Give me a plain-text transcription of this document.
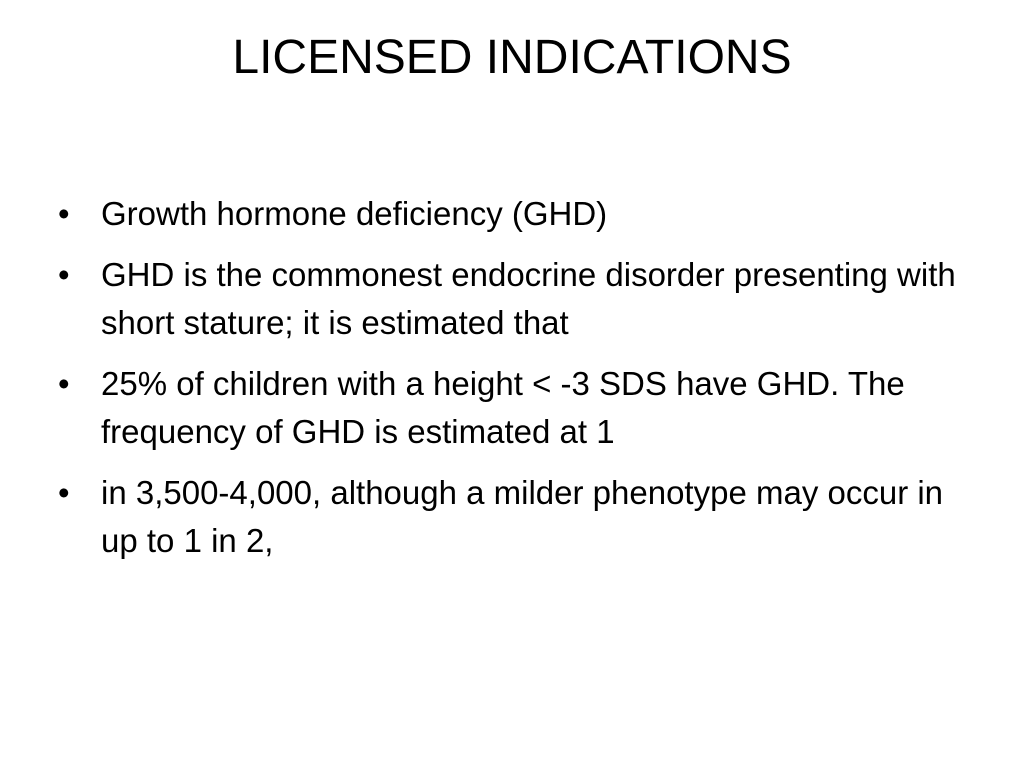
LICENSED INDICATIONS
• Growth hormone deficiency (GHD)
• GHD is the commonest endocrine disorder presenting with short stature; it is estimated that
• 25% of children with a height < -3 SDS have GHD. The frequency of GHD is estimated at 1
• in 3,500-4,000, although a milder phenotype may occur in up to 1 in 2,
